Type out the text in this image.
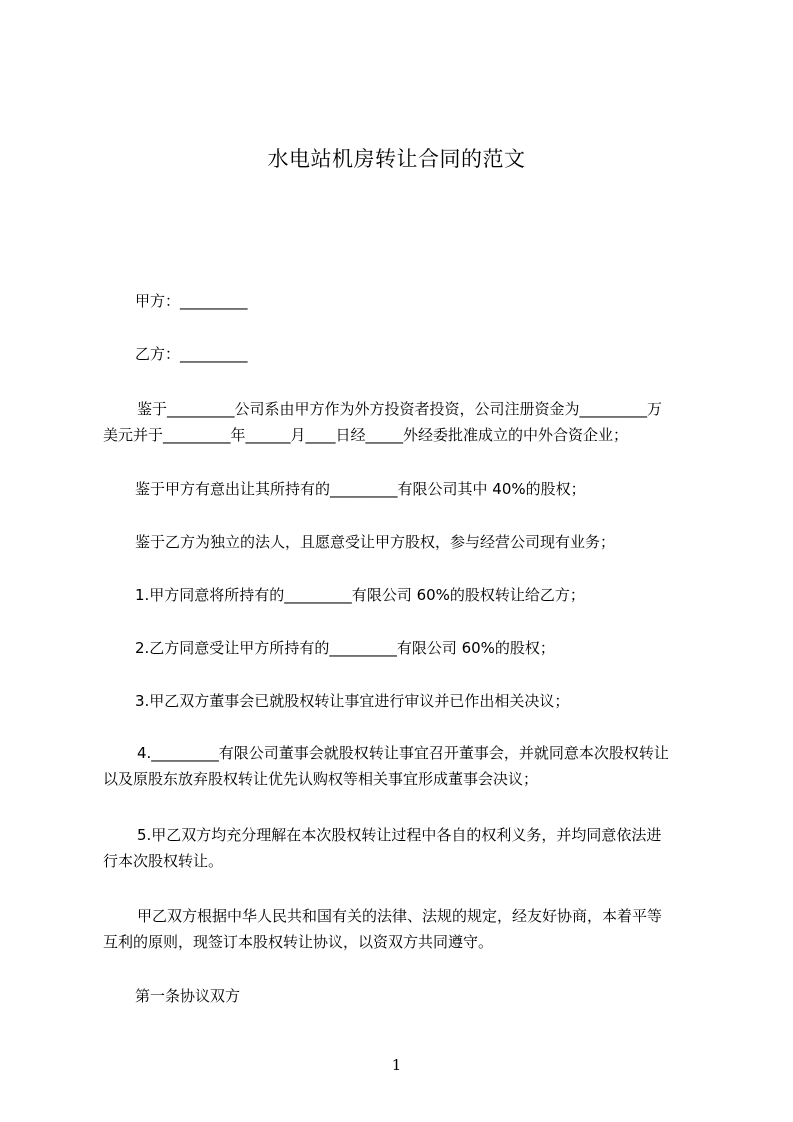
水电站机房转让合同的范文
甲方：_________
乙方：_________
鉴于_________公司系由甲方作为外方投资者投资，公司注册资金为_________万
美元并于_________年______月____日经_____外经委批准成立的中外合资企业；
鉴于甲方有意出让其所持有的_________有限公司其中 40%的股权；
鉴于乙方为独立的法人，且愿意受让甲方股权，参与经营公司现有业务；
1.甲方同意将所持有的_________有限公司 60%的股权转让给乙方；
2.乙方同意受让甲方所持有的_________有限公司 60%的股权；
3.甲乙双方董事会已就股权转让事宜进行审议并已作出相关决议；
4._________有限公司董事会就股权转让事宜召开董事会，并就同意本次股权转让
以及原股东放弃股权转让优先认购权等相关事宜形成董事会决议；
5.甲乙双方均充分理解在本次股权转让过程中各自的权利义务，并均同意依法进
行本次股权转让。
甲乙双方根据中华人民共和国有关的法律、法规的规定，经友好协商，本着平等
互利的原则，现签订本股权转让协议，以资双方共同遵守。
第一条协议双方
1
